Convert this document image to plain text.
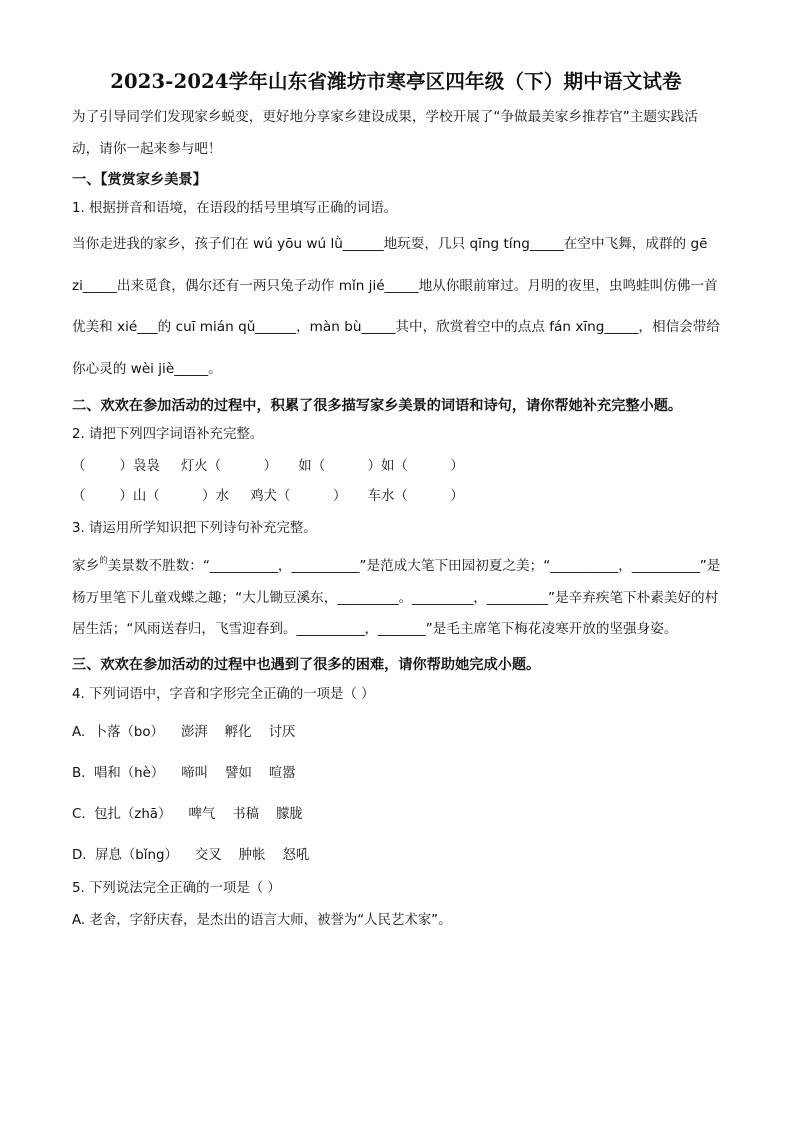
2023-2024学年山东省潍坊市寒亭区四年级（下）期中语文试卷

为了引导同学们发现家乡蜕变，更好地分享家乡建设成果，学校开展了“争做最美家乡推荐官”主题实践活动，请你一起来参与吧！

一、【赏赏家乡美景】

1. 根据拼音和语境，在语段的括号里填写正确的词语。

当你走进我的家乡，孩子们在 wú yōu wú lǜ______地玩耍，几只 qīng tíng_____在空中飞舞，成群的 gē zi_____出来觅食，偶尔还有一两只兔子动作 mǐn jié_____地从你眼前窜过。月明的夜里，虫鸣蛙叫仿佛一首优美和 xié___的 cuī mián qǔ______，màn bù_____其中，欣赏着空中的点点 fán xīng_____，相信会带给你心灵的 wèi jiè_____。

二、欢欢在参加活动的过程中，积累了很多描写家乡美景的词语和诗句，请你帮她补充完整小题。

2. 请把下列四字词语补充完整。

（        ）袅袅     灯火（          ）     如（          ）如（          ）

（        ）山（          ）水     鸡犬（          ）     车水（          ）

3. 请运用所学知识把下列诗句补充完整。

家乡$^的$美景数不胜数：“__________，__________”是范成大笔下田园初夏之美；“__________，__________”是杨万里笔下儿童戏蝶之趣；“大儿锄豆溪东，_________。_________，_________”是辛弃疾笔下朴素美好的村居生活；“风雨送春归，飞雪迎春到。__________，_______”是毛主席笔下梅花凌寒开放的坚强身姿。

三、欢欢在参加活动的过程中也遇到了很多的困难，请你帮助她完成小题。

4. 下列词语中，字音和字形完全正确的一项是（ ）

A.  卜落（bo）    澎湃    孵化    讨厌

B.  唱和（hè）    啼叫    譬如    喧嚣

C.  包扎（zhā）    啤气    书稿    朦胧

D.  屏息（bǐng）    交叉    肿帐    怒吼

5. 下列说法完全正确的一项是（ ）

A. 老舍，字舒庆春，是杰出的语言大师，被誉为“人民艺术家”。
